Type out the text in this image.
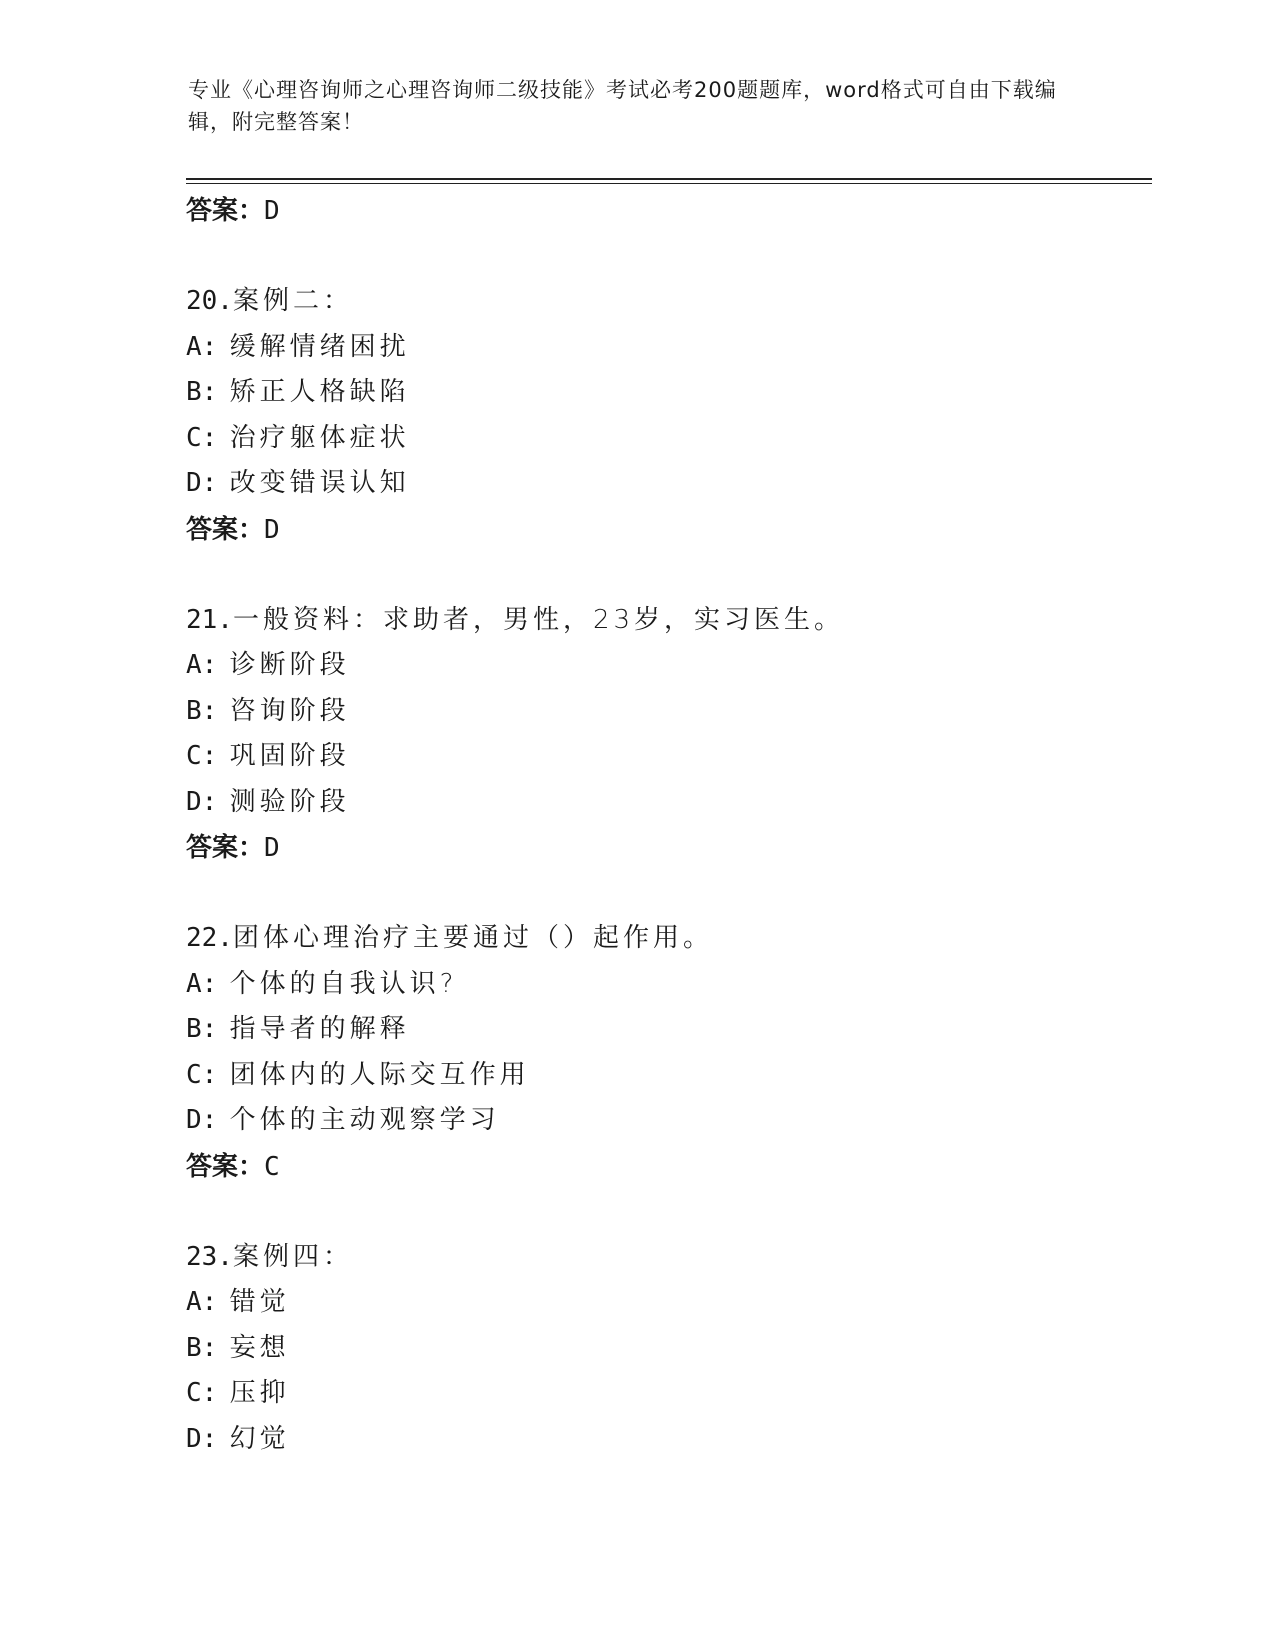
专业《心理咨询师之心理咨询师二级技能》考试必考200题题库，word格式可自由下载编辑，附完整答案！
答案：D
20.案例二：
A: 缓解情绪困扰
B: 矫正人格缺陷
C: 治疗躯体症状
D: 改变错误认知
答案：D
21.一般资料：求助者，男性，23岁，实习医生。
A: 诊断阶段
B: 咨询阶段
C: 巩固阶段
D: 测验阶段
答案：D
22.团体心理治疗主要通过（）起作用。
A: 个体的自我认识?
B: 指导者的解释
C: 团体内的人际交互作用
D: 个体的主动观察学习
答案：C
23.案例四：
A: 错觉
B: 妄想
C: 压抑
D: 幻觉
